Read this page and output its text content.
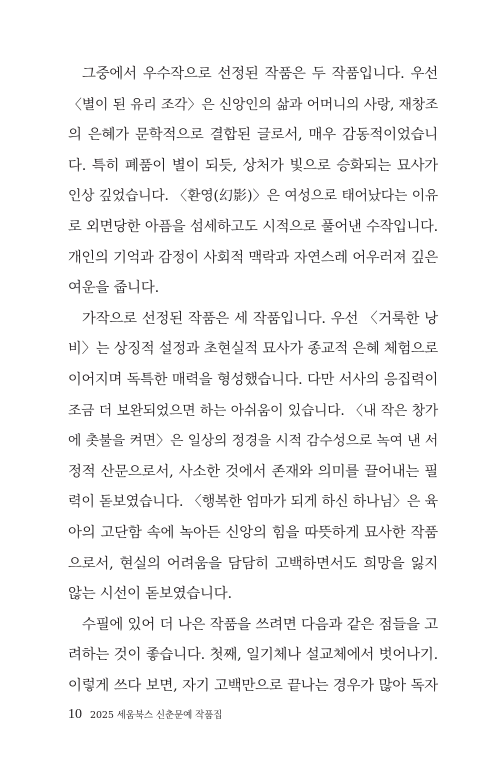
그중에서 우수작으로 선정된 작품은 두 작품입니다. 우선
〈별이 된 유리 조각〉은 신앙인의 삶과 어머니의 사랑, 재창조
의 은혜가 문학적으로 결합된 글로서, 매우 감동적이었습니
다. 특히 폐품이 별이 되듯, 상처가 빛으로 승화되는 묘사가
인상 깊었습니다. 〈환영(幻影)〉은 여성으로 태어났다는 이유
로 외면당한 아픔을 섬세하고도 시적으로 풀어낸 수작입니다.
개인의 기억과 감정이 사회적 맥락과 자연스레 어우러져 깊은
여운을 줍니다.
가작으로 선정된 작품은 세 작품입니다. 우선 〈거룩한 낭
비〉는 상징적 설정과 초현실적 묘사가 종교적 은혜 체험으로
이어지며 독특한 매력을 형성했습니다. 다만 서사의 응집력이
조금 더 보완되었으면 하는 아쉬움이 있습니다. 〈내 작은 창가
에 촛불을 켜면〉은 일상의 정경을 시적 감수성으로 녹여 낸 서
정적 산문으로서, 사소한 것에서 존재와 의미를 끌어내는 필
력이 돋보였습니다. 〈행복한 엄마가 되게 하신 하나님〉은 육
아의 고단함 속에 녹아든 신앙의 힘을 따뜻하게 묘사한 작품
으로서, 현실의 어려움을 담담히 고백하면서도 희망을 잃지
않는 시선이 돋보였습니다.
수필에 있어 더 나은 작품을 쓰려면 다음과 같은 점들을 고
려하는 것이 좋습니다. 첫째, 일기체나 설교체에서 벗어나기.
이렇게 쓰다 보면, 자기 고백만으로 끝나는 경우가 많아 독자
10 2025 세움북스 신춘문예 작품집
